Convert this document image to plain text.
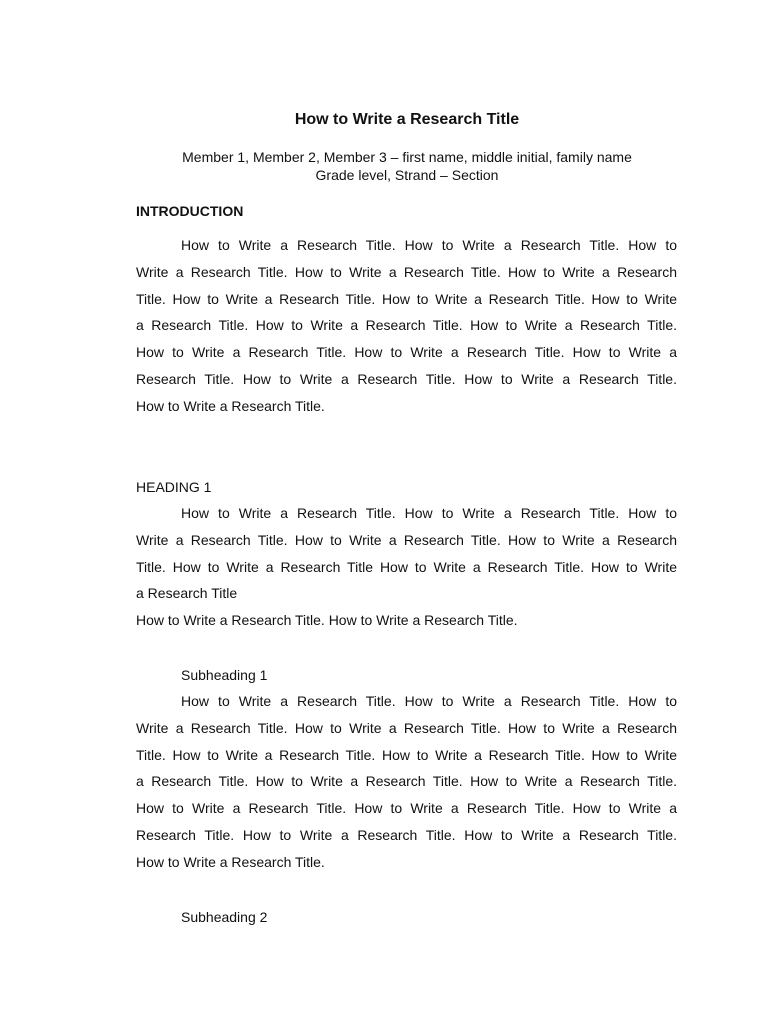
How to Write a Research Title
Member 1, Member 2, Member 3 – first name, middle initial, family name
Grade level, Strand – Section
INTRODUCTION
How to Write a Research Title. How to Write a Research Title. How to
Write a Research Title. How to Write a Research Title. How to Write a Research
Title. How to Write a Research Title. How to Write a Research Title. How to Write
a Research Title. How to Write a Research Title. How to Write a Research Title.
How to Write a Research Title. How to Write a Research Title. How to Write a
Research Title. How to Write a Research Title. How to Write a Research Title.
How to Write a Research Title.
HEADING 1
How to Write a Research Title. How to Write a Research Title. How to
Write a Research Title. How to Write a Research Title. How to Write a Research
Title. How to Write a Research Title How to Write a Research Title. How to Write
a Research Title
How to Write a Research Title. How to Write a Research Title.
Subheading 1
How to Write a Research Title. How to Write a Research Title. How to
Write a Research Title. How to Write a Research Title. How to Write a Research
Title. How to Write a Research Title. How to Write a Research Title. How to Write
a Research Title. How to Write a Research Title. How to Write a Research Title.
How to Write a Research Title. How to Write a Research Title. How to Write a
Research Title. How to Write a Research Title. How to Write a Research Title.
How to Write a Research Title.
Subheading 2
